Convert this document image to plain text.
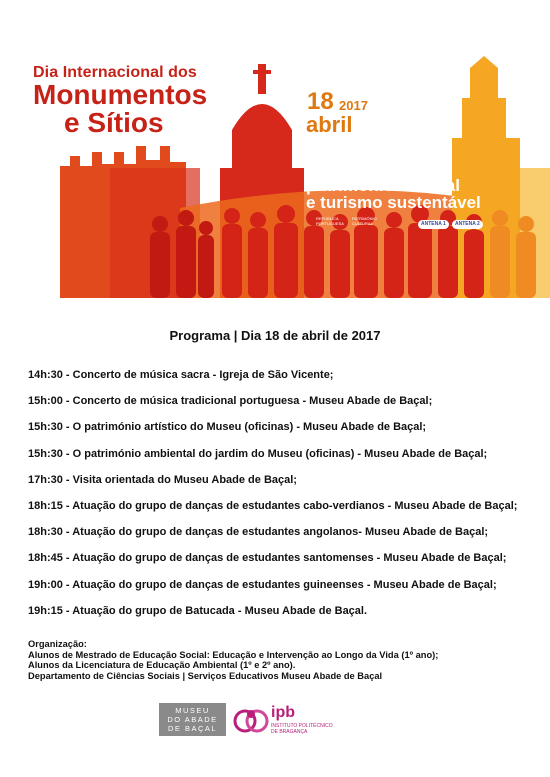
Dia Internacional dos
Monumentos
e Sítios
18 2017
abril
património cultural
e turismo sustentável
REPÚBLICA PORTUGUESA
PATRIMÓNIO CULTURAL	ANTENA 1	ANTENA 2
Programa | Dia 18 de abril de 2017
14h:30 - Concerto de música sacra - Igreja de São Vicente;
15h:00 - Concerto de música tradicional portuguesa - Museu Abade de Baçal;
15h:30 - O património artístico do Museu (oficinas) - Museu Abade de Baçal;
15h:30 - O património ambiental do jardim do Museu (oficinas) - Museu Abade de Baçal;
17h:30 - Visita orientada do Museu Abade de Baçal;
18h:15 - Atuação do grupo de danças de estudantes cabo-verdianos - Museu Abade de Baçal;
18h:30 - Atuação do grupo de danças de estudantes angolanos- Museu Abade de Baçal;
18h:45 - Atuação do grupo de danças de estudantes santomenses - Museu Abade de Baçal;
19h:00 - Atuação do grupo de danças de estudantes guineenses - Museu Abade de Baçal;
19h:15 - Atuação do grupo de Batucada - Museu Abade de Baçal.
Organização:
Alunos de Mestrado de Educação Social: Educação e Intervenção ao Longo da Vida (1º ano);
Alunos da Licenciatura de Educação Ambiental (1º e 2º ano).
Departamento de Ciências Sociais | Serviços Educativos Museu Abade de Baçal
MUSEU
DO ABADE
DE BAÇAL
ipb
INSTITUTO POLITÉCNICO
DE BRAGANÇA
